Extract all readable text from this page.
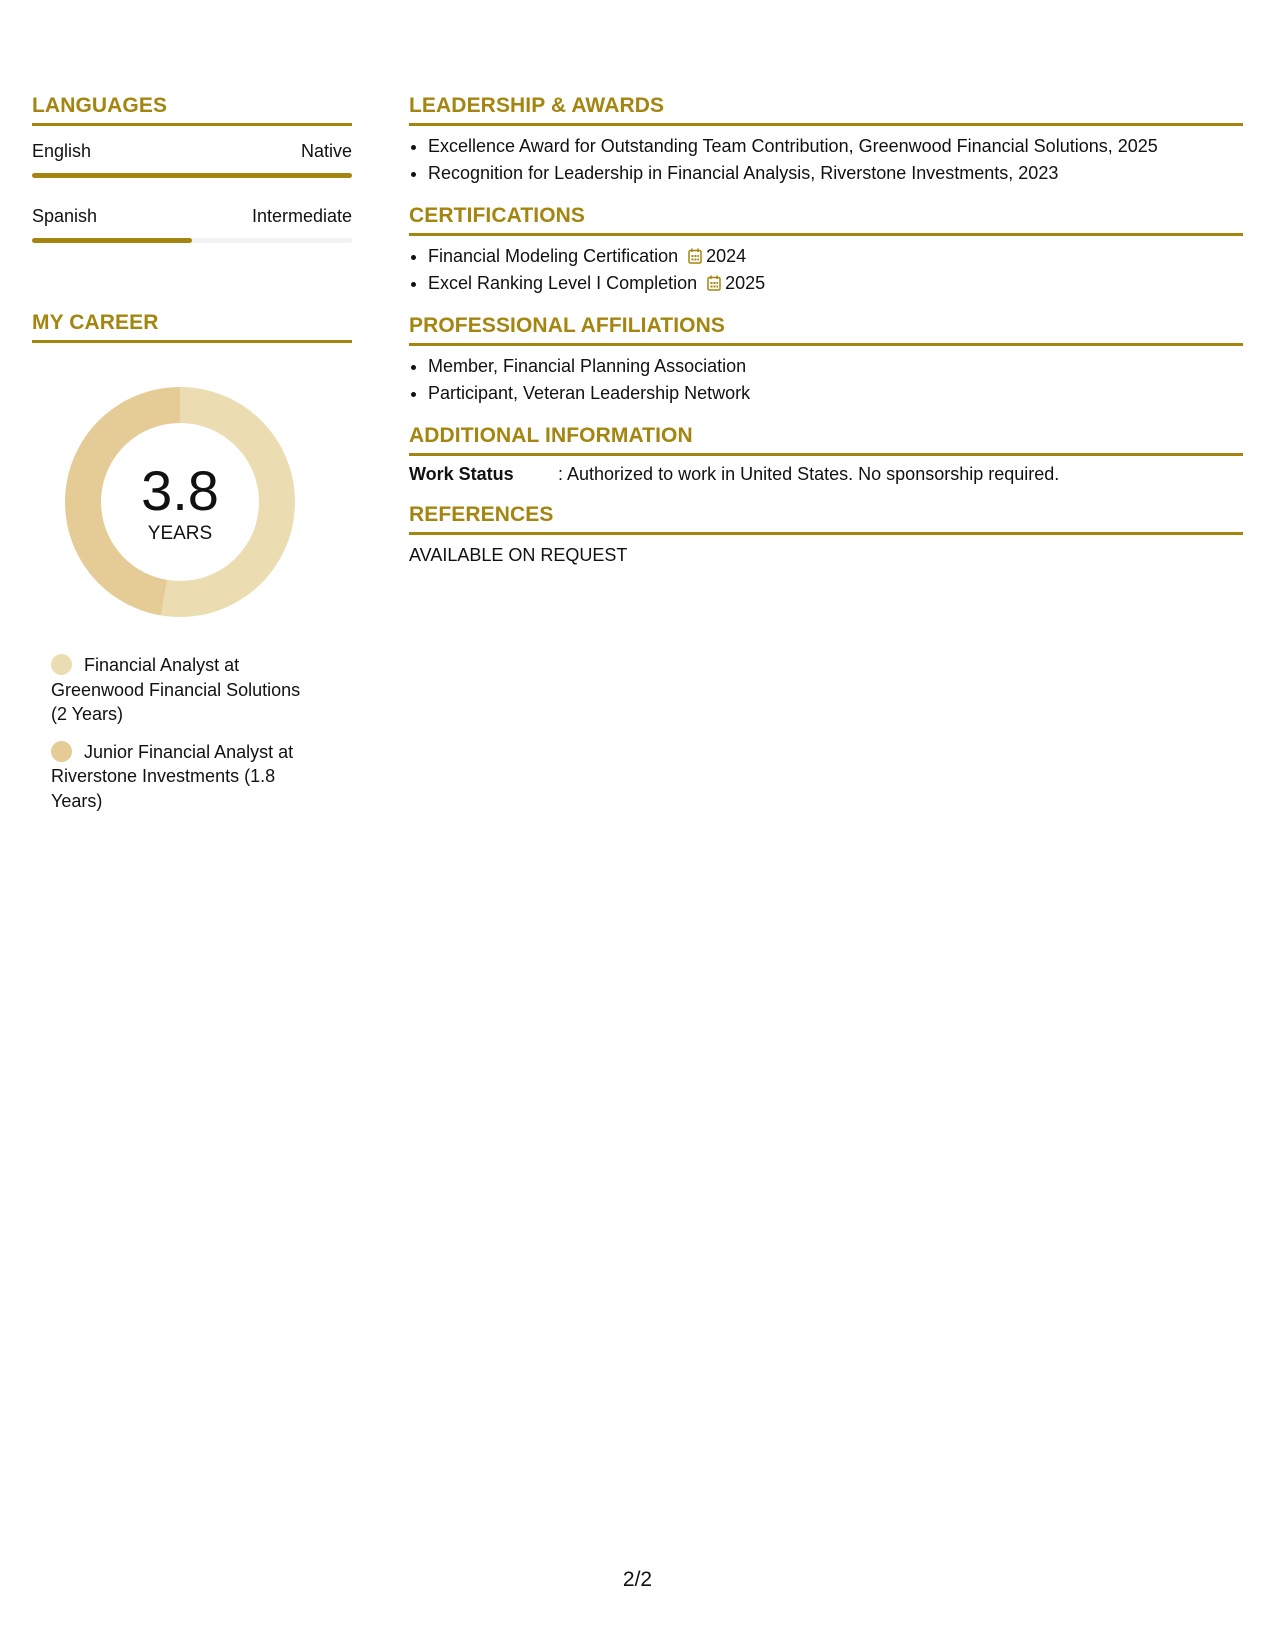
LANGUAGES
English	Native
Spanish	Intermediate
MY CAREER
3.8
YEARS
Financial Analyst at Greenwood Financial Solutions (2 Years)
Junior Financial Analyst at Riverstone Investments (1.8 Years)
LEADERSHIP & AWARDS
• Excellence Award for Outstanding Team Contribution, Greenwood Financial Solutions, 2025
• Recognition for Leadership in Financial Analysis, Riverstone Investments, 2023
CERTIFICATIONS
• Financial Modeling Certification 2024
• Excel Ranking Level I Completion 2025
PROFESSIONAL AFFILIATIONS
• Member, Financial Planning Association
• Participant, Veteran Leadership Network
ADDITIONAL INFORMATION
Work Status	: Authorized to work in United States. No sponsorship required.
REFERENCES
AVAILABLE ON REQUEST
2/2
